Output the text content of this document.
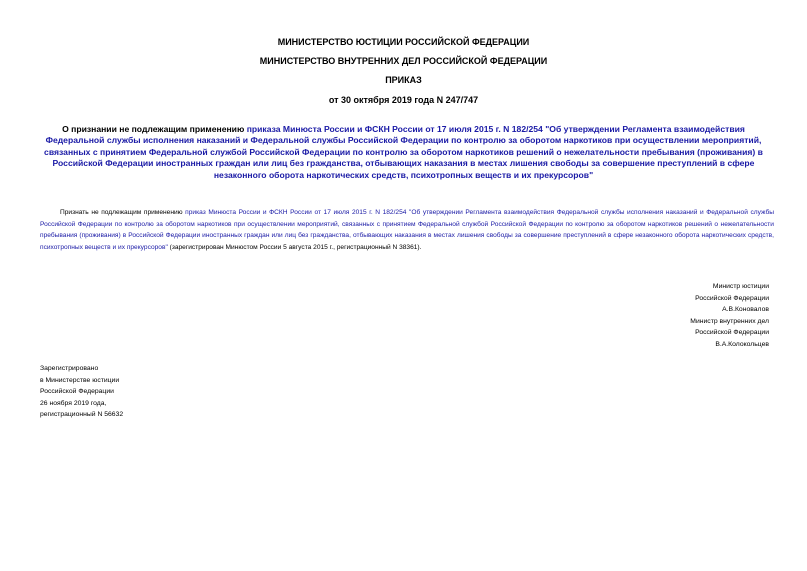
МИНИСТЕРСТВО ЮСТИЦИИ РОССИЙСКОЙ ФЕДЕРАЦИИ
МИНИСТЕРСТВО ВНУТРЕННИХ ДЕЛ РОССИЙСКОЙ ФЕДЕРАЦИИ
ПРИКАЗ
от 30 октября 2019 года N 247/747
О признании не подлежащим применению приказа Минюста России и ФСКН России от 17 июля 2015 г. N 182/254 "Об утверждении Регламента взаимодействия Федеральной службы исполнения наказаний и Федеральной службы Российской Федерации по контролю за оборотом наркотиков при осуществлении мероприятий, связанных с принятием Федеральной службой Российской Федерации по контролю за оборотом наркотиков решений о нежелательности пребывания (проживания) в Российской Федерации иностранных граждан или лиц без гражданства, отбывающих наказания в местах лишения свободы за совершение преступлений в сфере незаконного оборота наркотических средств, психотропных веществ и их прекурсоров"
Признать не подлежащим применению приказ Минюста России и ФСКН России от 17 июля 2015 г. N 182/254 "Об утверждении Регламента взаимодействия Федеральной службы исполнения наказаний и Федеральной службы Российской Федерации по контролю за оборотом наркотиков при осуществлении мероприятий, связанных с принятием Федеральной службой Российской Федерации по контролю за оборотом наркотиков решений о нежелательности пребывания (проживания) в Российской Федерации иностранных граждан или лиц без гражданства, отбывающих наказания в местах лишения свободы за совершение преступлений в сфере незаконного оборота наркотических средств, психотропных веществ и их прекурсоров" (зарегистрирован Минюстом России 5 августа 2015 г., регистрационный N 38361).
Министр юстиции
Российской Федерации
А.В.Коновалов
Министр внутренних дел
Российской Федерации
В.А.Колокольцев
Зарегистрировано
в Министерстве юстиции
Российской Федерации
26 ноября 2019 года,
регистрационный N 56632
